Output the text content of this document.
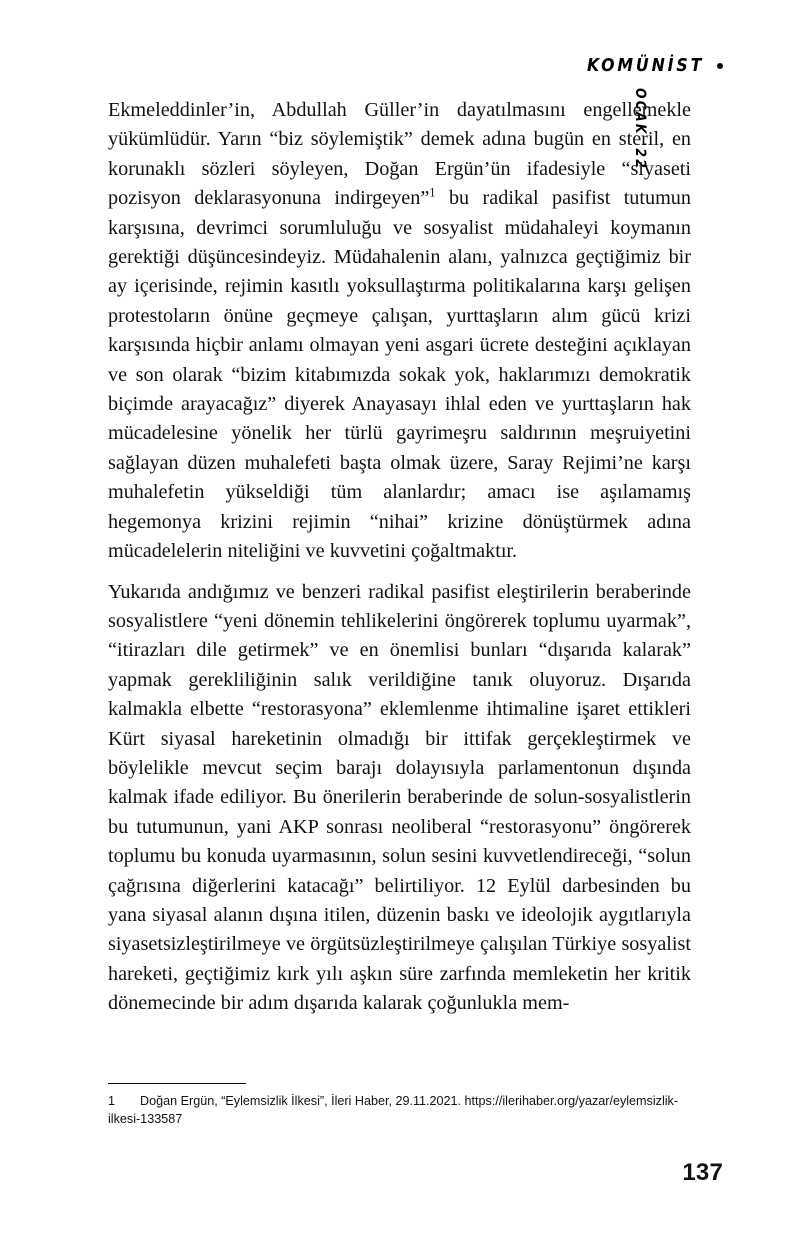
KOMÜNİST
OCAK '22

Ekmeleddinler’in, Abdullah Güller’in dayatılmasını engellemekle yükümlüdür. Yarın “biz söylemiştik” demek adına bugün en steril, en korunaklı sözleri söyleyen, Doğan Ergün’ün ifadesiyle “siyaseti pozisyon deklarasyonuna indirgeyen”$^1$ bu radikal pasifist tutumun karşısına, devrimci sorumluluğu ve sosyalist müdahaleyi koymanın gerektiği düşüncesindeyiz. Müdahalenin alanı, yalnızca geçtiğimiz bir ay içerisinde, rejimin kasıtlı yoksullaştırma politikalarına karşı gelişen protestoların önüne geçmeye çalışan, yurttaşların alım gücü krizi karşısında hiçbir anlamı olmayan yeni asgari ücrete desteğini açıklayan ve son olarak “bizim kitabımızda sokak yok, haklarımızı demokratik biçimde arayacağız” diyerek Anayasayı ihlal eden ve yurttaşların hak mücadelesine yönelik her türlü gayrimeşru saldırının meşruiyetini sağlayan düzen muhalefeti başta olmak üzere, Saray Rejimi’ne karşı muhalefetin yükseldiği tüm alanlardır; amacı ise aşılamamış hegemonya krizini rejimin “nihai” krizine dönüştürmek adına mücadelelerin niteliğini ve kuvvetini çoğaltmaktır.

Yukarıda andığımız ve benzeri radikal pasifist eleştirilerin beraberinde sosyalistlere “yeni dönemin tehlikelerini öngörerek toplumu uyarmak”, “itirazları dile getirmek” ve en önemlisi bunları “dışarıda kalarak” yapmak gerekliliğinin salık verildiğine tanık oluyoruz. Dışarıda kalmakla elbette “restorasyona” eklemlenme ihtimaline işaret ettikleri Kürt siyasal hareketinin olmadığı bir ittifak gerçekleştirmek ve böylelikle mevcut seçim barajı dolayısıyla parlamentonun dışında kalmak ifade ediliyor. Bu önerilerin beraberinde de solun-sosyalistlerin bu tutumunun, yani AKP sonrası neoliberal “restorasyonu” öngörerek toplumu bu konuda uyarmasının, solun sesini kuvvetlendireceği, “solun çağrısına diğerlerini katacağı” belirtiliyor. 12 Eylül darbesinden bu yana siyasal alanın dışına itilen, düzenin baskı ve ideolojik aygıtlarıyla siyasetsizleştirilmeye ve örgütsüzleştirilmeye çalışılan Türkiye sosyalist hareketi, geçtiğimiz kırk yılı aşkın süre zarfında memleketin her kritik dönemecinde bir adım dışarıda kalarak çoğunlukla mem-

1 Doğan Ergün, “Eylemsizlik İlkesi”, İleri Haber, 29.11.2021. https://ilerihaber.org/yazar/eylemsizlik-ilkesi-133587
137
